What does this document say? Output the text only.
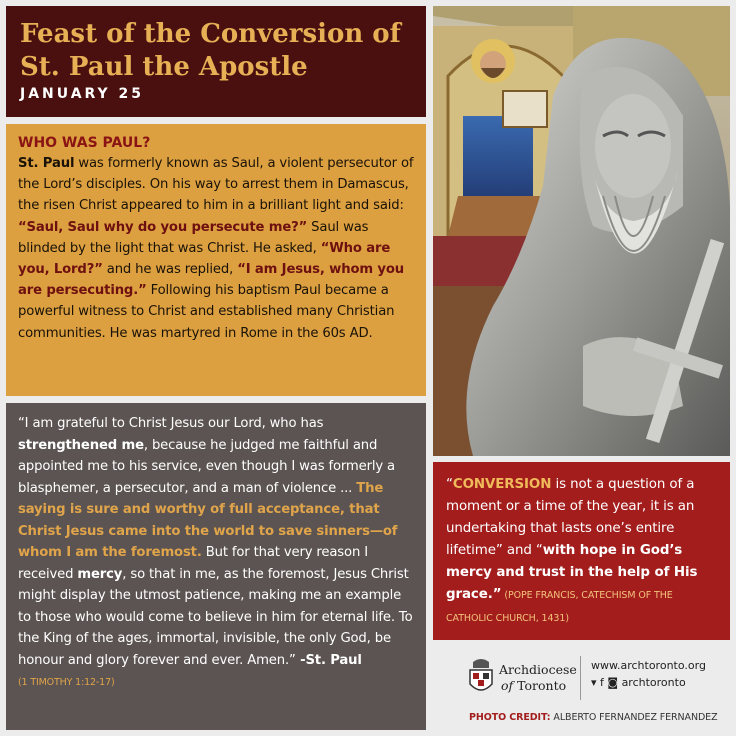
Feast of the Conversion of St. Paul the Apostle
JANUARY 25
WHO WAS PAUL?
St. Paul was formerly known as Saul, a violent persecutor of the Lord’s disciples. On his way to arrest them in Damascus, the risen Christ appeared to him in a brilliant light and said: “Saul, Saul why do you persecute me?” Saul was blinded by the light that was Christ. He asked, “Who are you, Lord?” and he was replied, “I am Jesus, whom you are persecuting.” Following his baptism Paul became a powerful witness to Christ and established many Christian communities. He was martyred in Rome in the 60s AD.
“I am grateful to Christ Jesus our Lord, who has strengthened me, because he judged me faithful and appointed me to his service, even though I was formerly a blasphemer, a persecutor, and a man of violence ... The saying is sure and worthy of full acceptance, that Christ Jesus came into the world to save sinners—of whom I am the foremost. But for that very reason I received mercy, so that in me, as the foremost, Jesus Christ might display the utmost patience, making me an example to those who would come to believe in him for eternal life. To the King of the ages, immortal, invisible, the only God, be honour and glory forever and ever. Amen.” -St. Paul
(1 TIMOTHY 1:12-17)
“CONVERSION is not a question of a moment or a time of the year, it is an undertaking that lasts one’s entire lifetime” and “with hope in God’s mercy and trust in the help of His grace.” (POPE FRANCIS, CATECHISM OF THE CATHOLIC CHURCH, 1431)
Archdiocese
of Toronto
www.archtoronto.org
▾ f ◙ archtoronto
PHOTO CREDIT: ALBERTO FERNANDEZ FERNANDEZ
